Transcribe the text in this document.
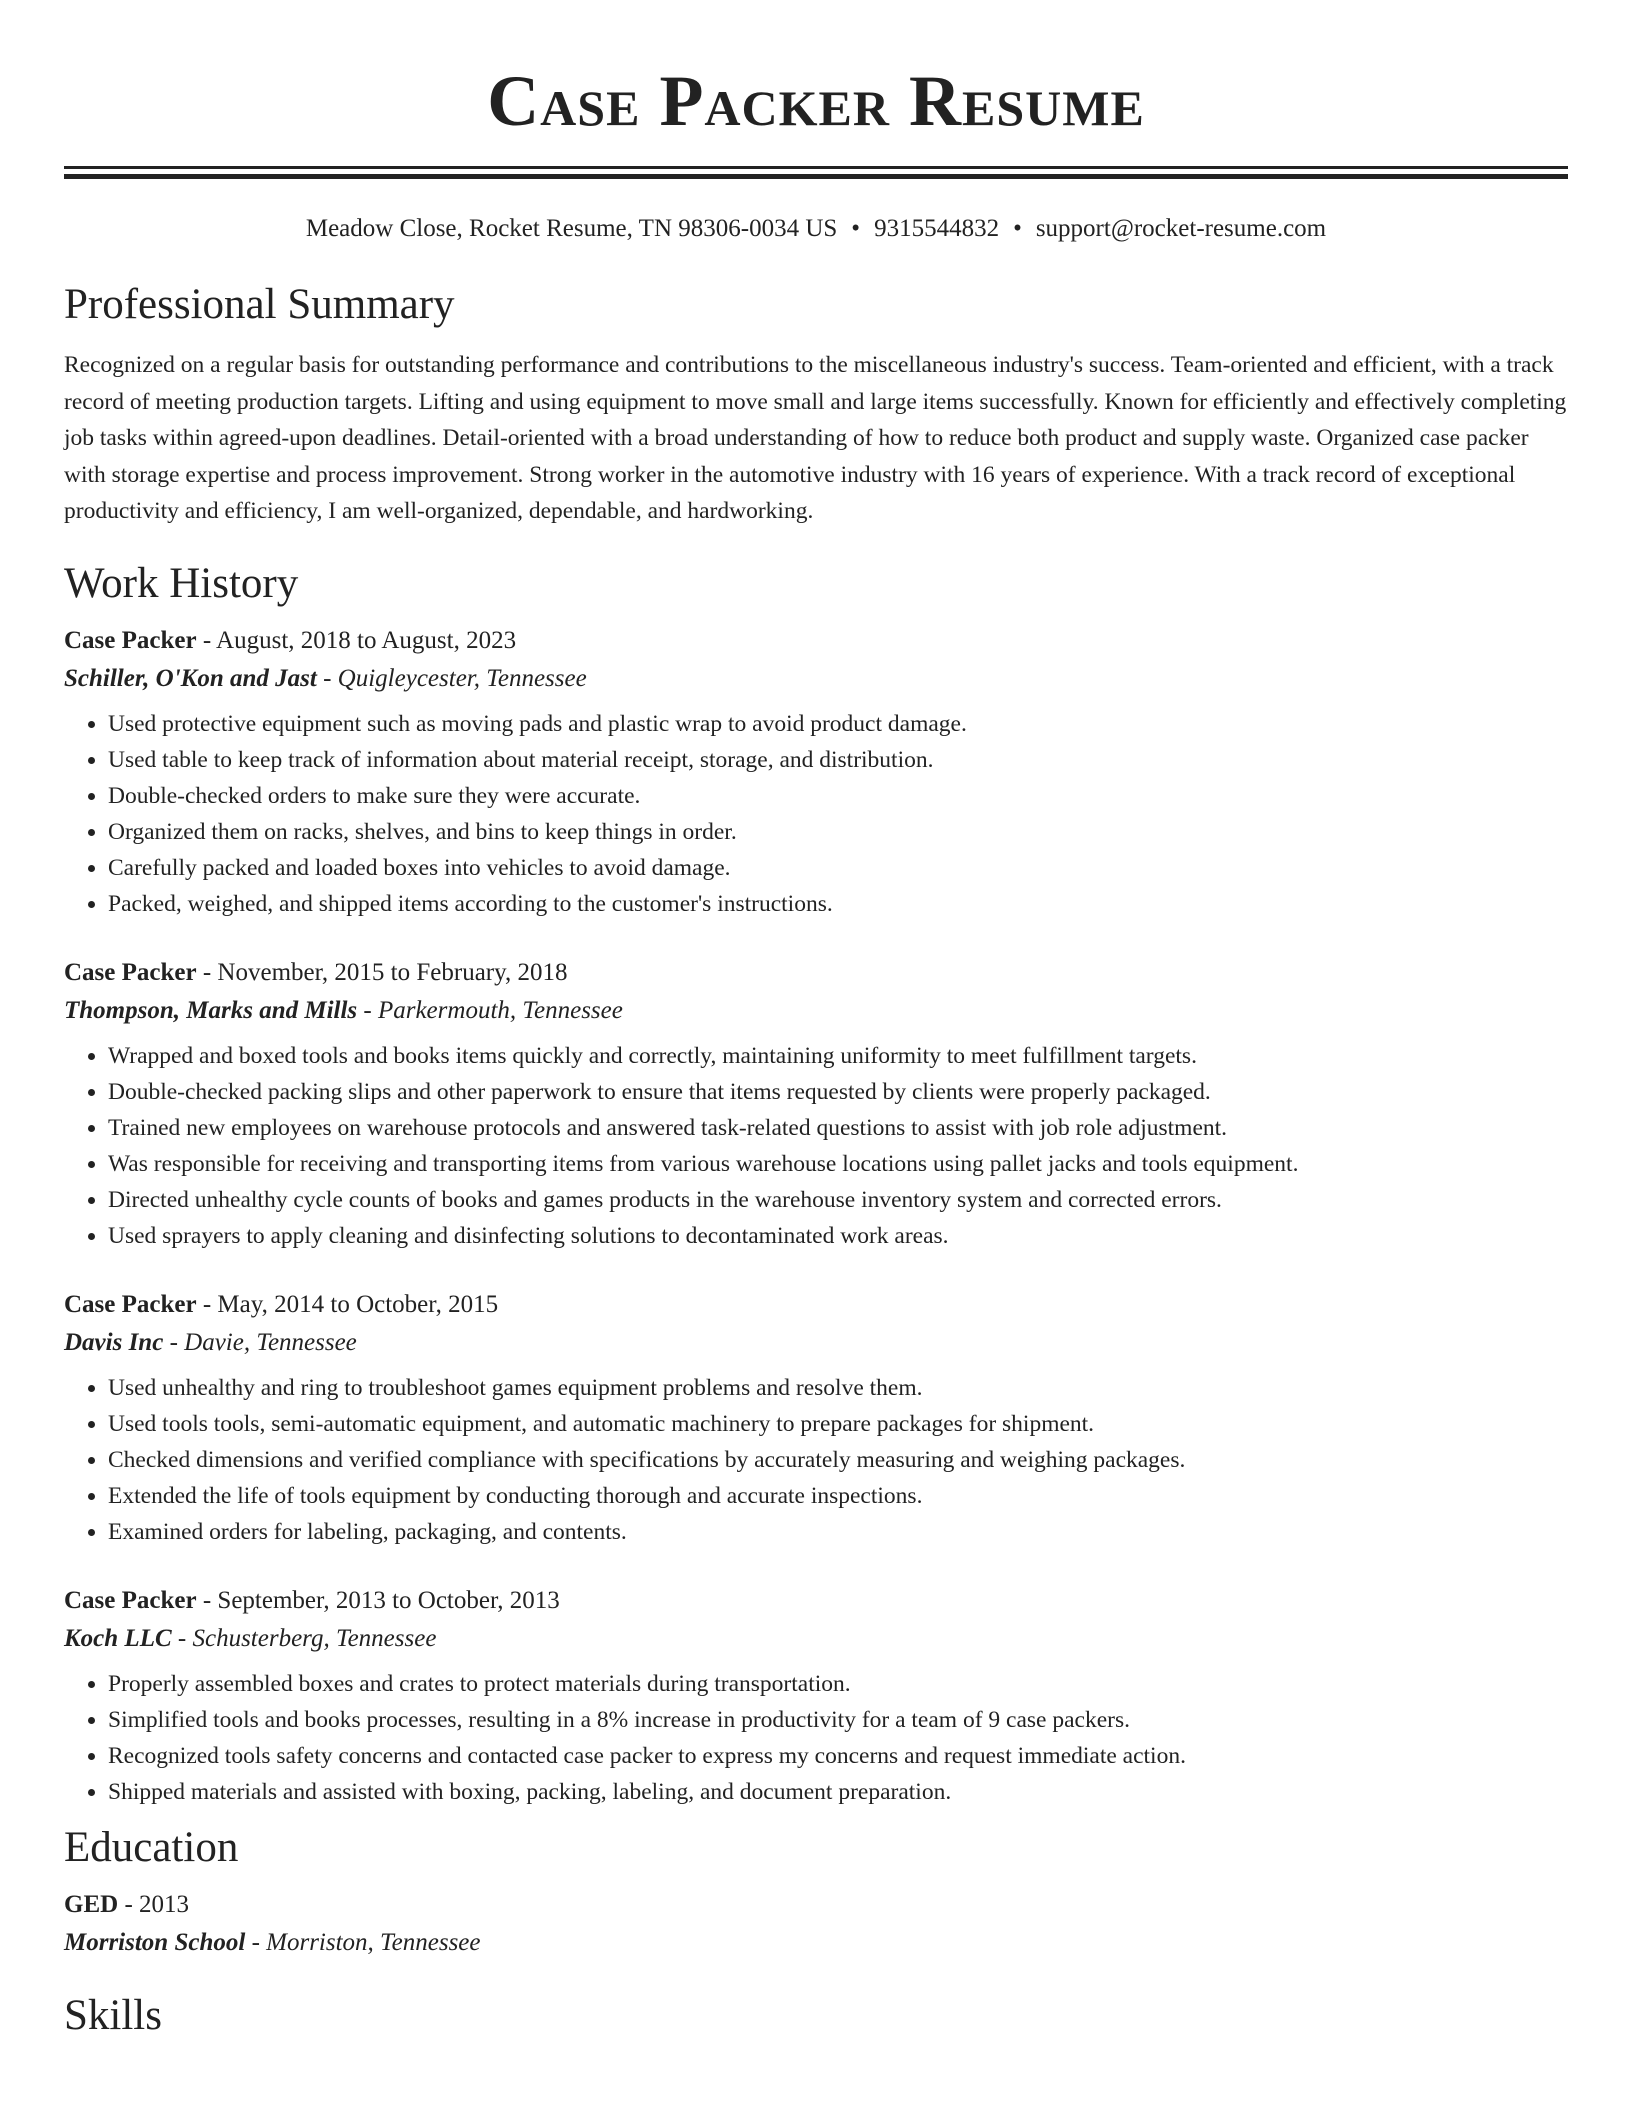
Case Packer Resume
Meadow Close, Rocket Resume, TN 98306-0034 US • 9315544832 • support@rocket-resume.com
Professional Summary
Recognized on a regular basis for outstanding performance and contributions to the miscellaneous industry's success. Team-oriented and efficient, with a track record of meeting production targets. Lifting and using equipment to move small and large items successfully. Known for efficiently and effectively completing job tasks within agreed-upon deadlines. Detail-oriented with a broad understanding of how to reduce both product and supply waste. Organized case packer with storage expertise and process improvement. Strong worker in the automotive industry with 16 years of experience. With a track record of exceptional productivity and efficiency, I am well-organized, dependable, and hardworking.
Work History
Case Packer - August, 2018 to August, 2023
Schiller, O'Kon and Jast - Quigleycester, Tennessee
• Used protective equipment such as moving pads and plastic wrap to avoid product damage.
• Used table to keep track of information about material receipt, storage, and distribution.
• Double-checked orders to make sure they were accurate.
• Organized them on racks, shelves, and bins to keep things in order.
• Carefully packed and loaded boxes into vehicles to avoid damage.
• Packed, weighed, and shipped items according to the customer's instructions.
Case Packer - November, 2015 to February, 2018
Thompson, Marks and Mills - Parkermouth, Tennessee
• Wrapped and boxed tools and books items quickly and correctly, maintaining uniformity to meet fulfillment targets.
• Double-checked packing slips and other paperwork to ensure that items requested by clients were properly packaged.
• Trained new employees on warehouse protocols and answered task-related questions to assist with job role adjustment.
• Was responsible for receiving and transporting items from various warehouse locations using pallet jacks and tools equipment.
• Directed unhealthy cycle counts of books and games products in the warehouse inventory system and corrected errors.
• Used sprayers to apply cleaning and disinfecting solutions to decontaminated work areas.
Case Packer - May, 2014 to October, 2015
Davis Inc - Davie, Tennessee
• Used unhealthy and ring to troubleshoot games equipment problems and resolve them.
• Used tools tools, semi-automatic equipment, and automatic machinery to prepare packages for shipment.
• Checked dimensions and verified compliance with specifications by accurately measuring and weighing packages.
• Extended the life of tools equipment by conducting thorough and accurate inspections.
• Examined orders for labeling, packaging, and contents.
Case Packer - September, 2013 to October, 2013
Koch LLC - Schusterberg, Tennessee
• Properly assembled boxes and crates to protect materials during transportation.
• Simplified tools and books processes, resulting in a 8% increase in productivity for a team of 9 case packers.
• Recognized tools safety concerns and contacted case packer to express my concerns and request immediate action.
• Shipped materials and assisted with boxing, packing, labeling, and document preparation.
Education
GED - 2013
Morriston School - Morriston, Tennessee
Skills
